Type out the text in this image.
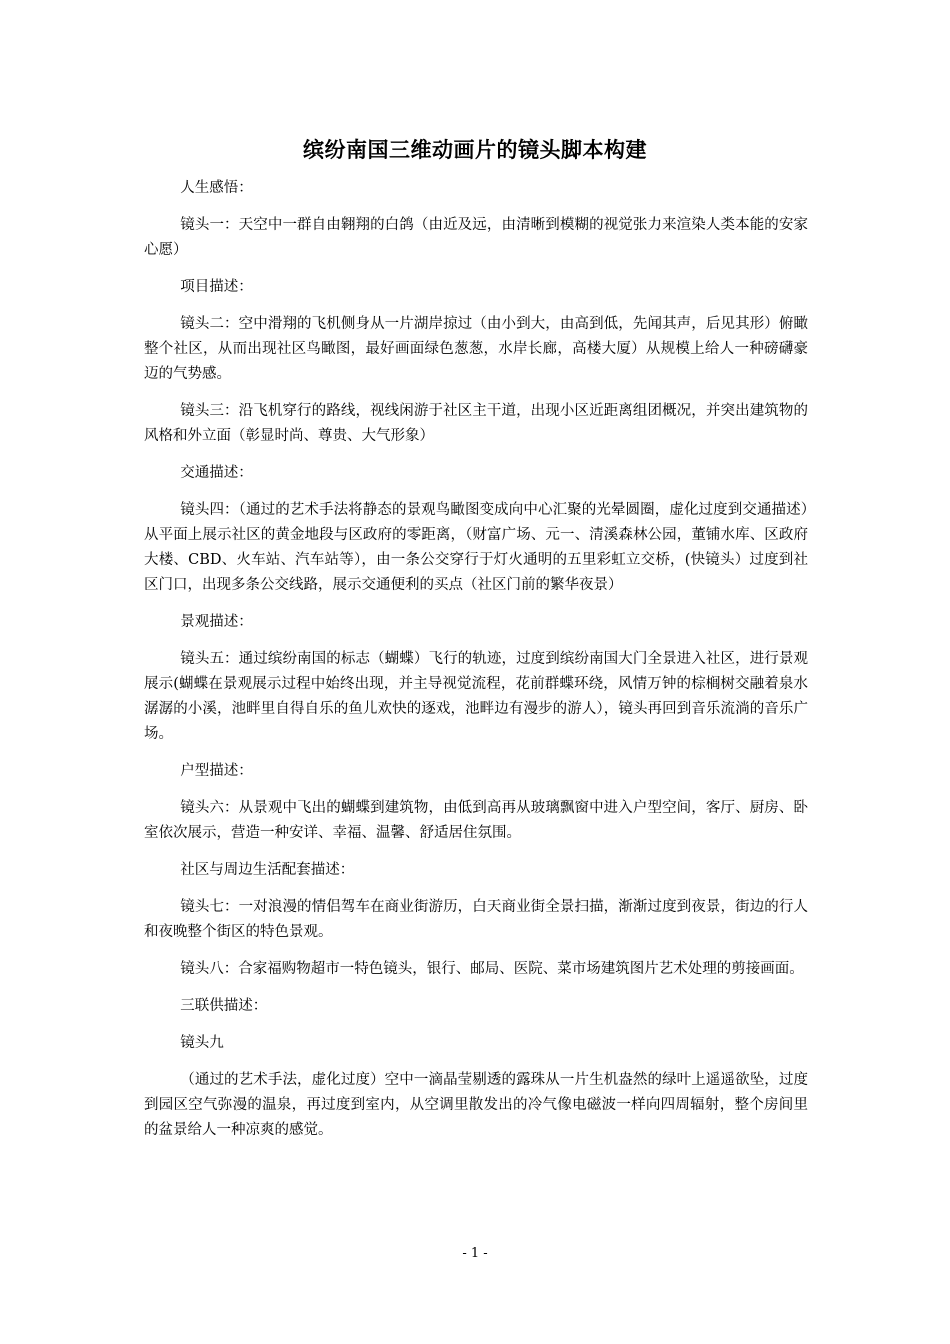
缤纷南国三维动画片的镜头脚本构建

人生感悟：

镜头一：天空中一群自由翱翔的白鸽（由近及远，由清晰到模糊的视觉张力来渲染人类本能的安家心愿）

项目描述：

镜头二：空中滑翔的飞机侧身从一片湖岸掠过（由小到大，由高到低，先闻其声，后见其形）俯瞰整个社区，从而出现社区鸟瞰图，最好画面绿色葱葱，水岸长廊，高楼大厦）从规模上给人一种磅礴豪迈的气势感。

镜头三：沿飞机穿行的路线，视线闲游于社区主干道，出现小区近距离组团概况，并突出建筑物的风格和外立面（彰显时尚、尊贵、大气形象）

交通描述：

镜头四：（通过的艺术手法将静态的景观鸟瞰图变成向中心汇聚的光晕圆圈，虚化过度到交通描述）从平面上展示社区的黄金地段与区政府的零距离，（财富广场、元一、清溪森林公园，董铺水库、区政府大楼、CBD、火车站、汽车站等），由一条公交穿行于灯火通明的五里彩虹立交桥，(快镜头）过度到社区门口，出现多条公交线路，展示交通便利的买点（社区门前的繁华夜景）

景观描述：

镜头五：通过缤纷南国的标志（蝴蝶）飞行的轨迹，过度到缤纷南国大门全景进入社区，进行景观展示(蝴蝶在景观展示过程中始终出现，并主导视觉流程，花前群蝶环绕，风情万钟的棕榈树交融着泉水潺潺的小溪，池畔里自得自乐的鱼儿欢快的逐戏，池畔边有漫步的游人），镜头再回到音乐流淌的音乐广场。

户型描述：

镜头六：从景观中飞出的蝴蝶到建筑物，由低到高再从玻璃飘窗中进入户型空间，客厅、厨房、卧室依次展示，营造一种安详、幸福、温馨、舒适居住氛围。

社区与周边生活配套描述：

镜头七：一对浪漫的情侣驾车在商业街游历，白天商业街全景扫描，渐渐过度到夜景，街边的行人和夜晚整个街区的特色景观。

镜头八：合家福购物超市一特色镜头，银行、邮局、医院、菜市场建筑图片艺术处理的剪接画面。

三联供描述：

镜头九

（通过的艺术手法，虚化过度）空中一滴晶莹剔透的露珠从一片生机盎然的绿叶上遥遥欲坠，过度到园区空气弥漫的温泉，再过度到室内，从空调里散发出的冷气像电磁波一样向四周辐射，整个房间里的盆景给人一种凉爽的感觉。

- 1 -
